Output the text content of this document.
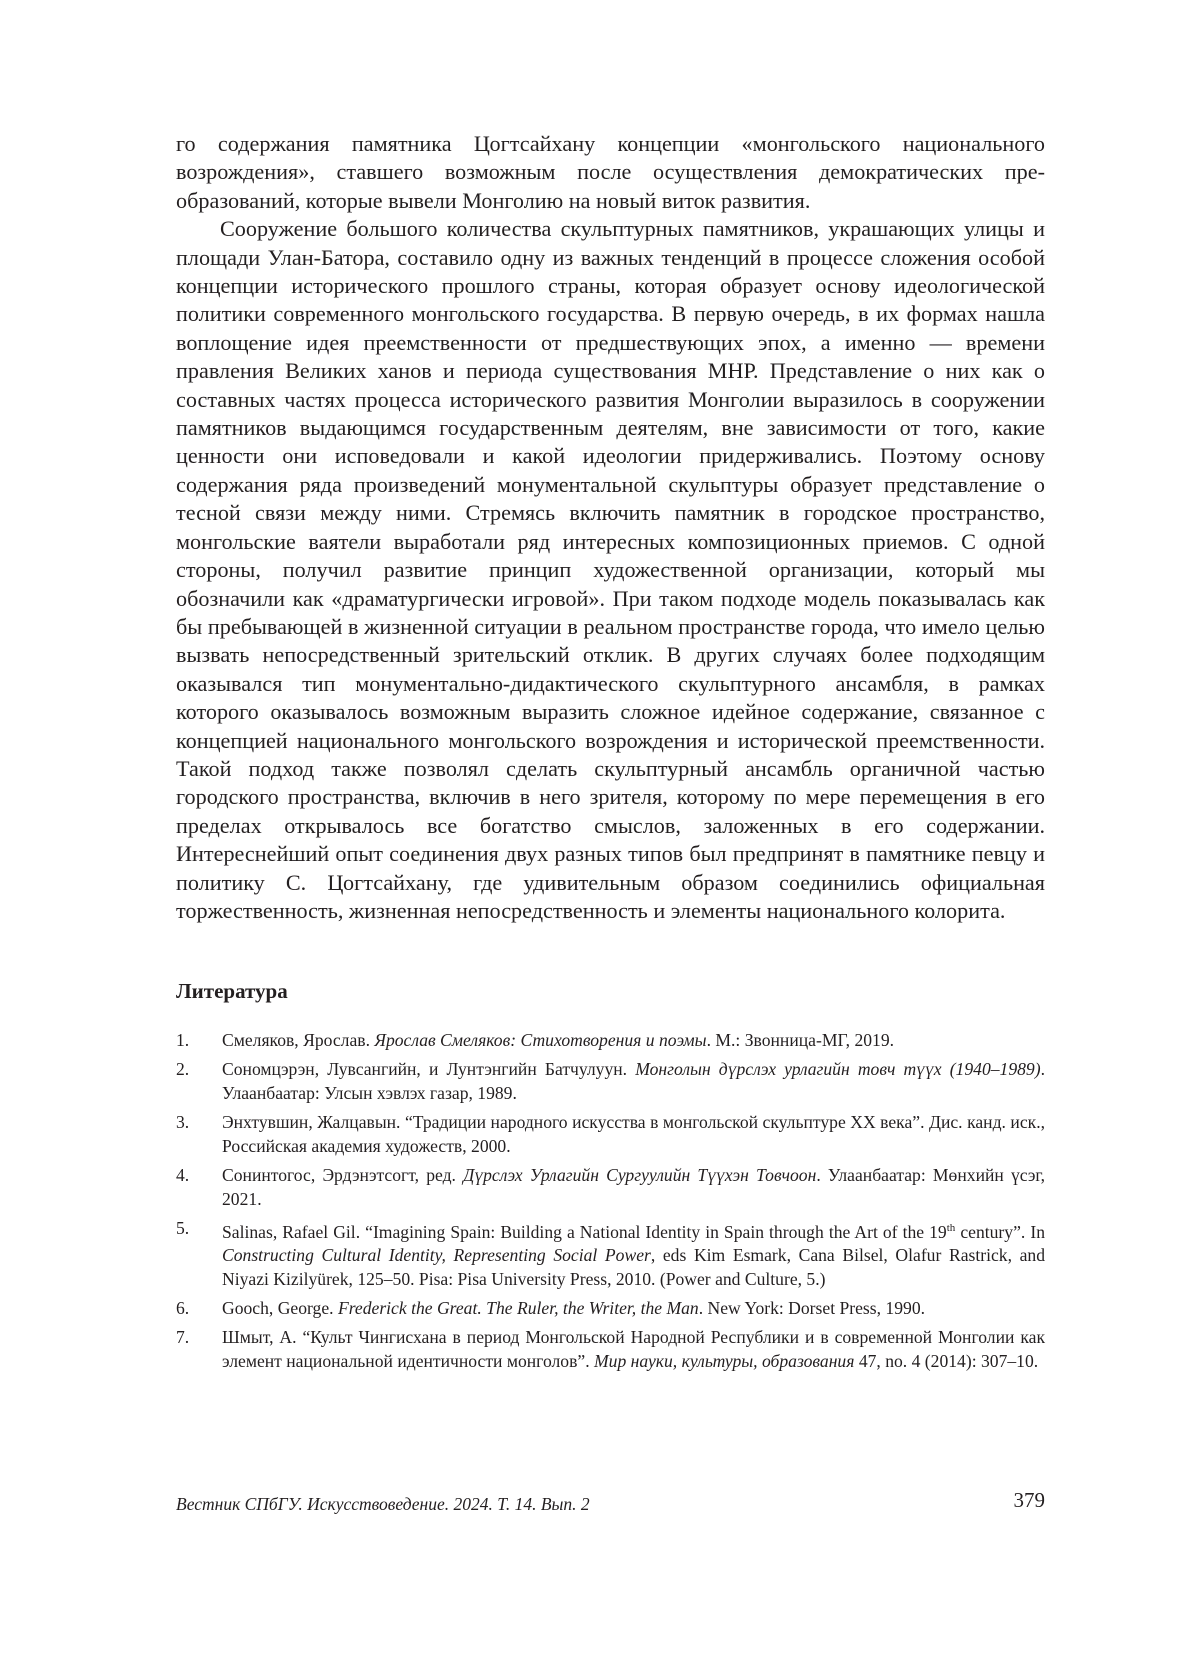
го содержания памятника Цогтсайхану концепции «монгольского национального возрождения», ставшего возможным после осуществления демократических преобразований, которые вывели Монголию на новый виток развития.

Сооружение большого количества скульптурных памятников, украшающих улицы и площади Улан-Батора, составило одну из важных тенденций в процессе сложения особой концепции исторического прошлого страны, которая образует основу идеологической политики современного монгольского государства. В первую очередь, в их формах нашла воплощение идея преемственности от предшествующих эпох, а именно — времени правления Великих ханов и периода существования МНР. Представление о них как о составных частях процесса исторического развития Монголии выразилось в сооружении памятников выдающимся государственным деятелям, вне зависимости от того, какие ценности они исповедовали и какой идеологии придерживались. Поэтому основу содержания ряда произведений монументальной скульптуры образует представление о тесной связи между ними. Стремясь включить памятник в городское пространство, монгольские ваятели выработали ряд интересных композиционных приемов. С одной стороны, получил развитие принцип художественной организации, который мы обозначили как «драматургически игровой». При таком подходе модель показывалась как бы пребывающей в жизненной ситуации в реальном пространстве города, что имело целью вызвать непосредственный зрительский отклик. В других случаях более подходящим оказывался тип монументально-дидактического скульптурного ансамбля, в рамках которого оказывалось возможным выразить сложное идейное содержание, связанное с концепцией национального монгольского возрождения и исторической преемственности. Такой подход также позволял сделать скульптурный ансамбль органичной частью городского пространства, включив в него зрителя, которому по мере перемещения в его пределах открывалось все богатство смыслов, заложенных в его содержании. Интереснейший опыт соединения двух разных типов был предпринят в памятнике певцу и политику С. Цогтсайхану, где удивительным образом соединились официальная торжественность, жизненная непосредственность и элементы национального колорита.

Литература
1. Смеляков, Ярослав. Ярослав Смеляков: Стихотворения и поэмы. М.: Звонница-МГ, 2019.
2. Сономцэрэн, Лувсангийн, и Лунтэнгийн Батчулуун. Монголын дүрслэх урлагийн товч түүх (1940–1989). Улаанбаатар: Улсын хэвлэх газар, 1989.
3. Энхтувшин, Жалцавын. “Традиции народного искусства в монгольской скульптуре XX века”. Дис. канд. иск., Российская академия художеств, 2000.
4. Сонинтогос, Эрдэнэтсогт, ред. Дүрслэх Урлагийн Сургуулийн Түүхэн Товчоон. Улаанбаатар: Мөнхийн үсэг, 2021.
5. Salinas, Rafael Gil. “Imagining Spain: Building a National Identity in Spain through the Art of the 19th century”. In Constructing Cultural Identity, Representing Social Power, eds Kim Esmark, Cana Bilsel, Olafur Rastrick, and Niyazi Kizilyürek, 125–50. Pisa: Pisa University Press, 2010. (Power and Culture, 5.)
6. Gooch, George. Frederick the Great. The Ruler, the Writer, the Man. New York: Dorset Press, 1990.
7. Шмыт, А. “Культ Чингисхана в период Монгольской Народной Республики и в современной Монголии как элемент национальной идентичности монголов”. Мир науки, культуры, образования 47, no. 4 (2014): 307–10.
Вестник СПбГУ. Искусствоведение. 2024. Т. 14. Вып. 2	379
